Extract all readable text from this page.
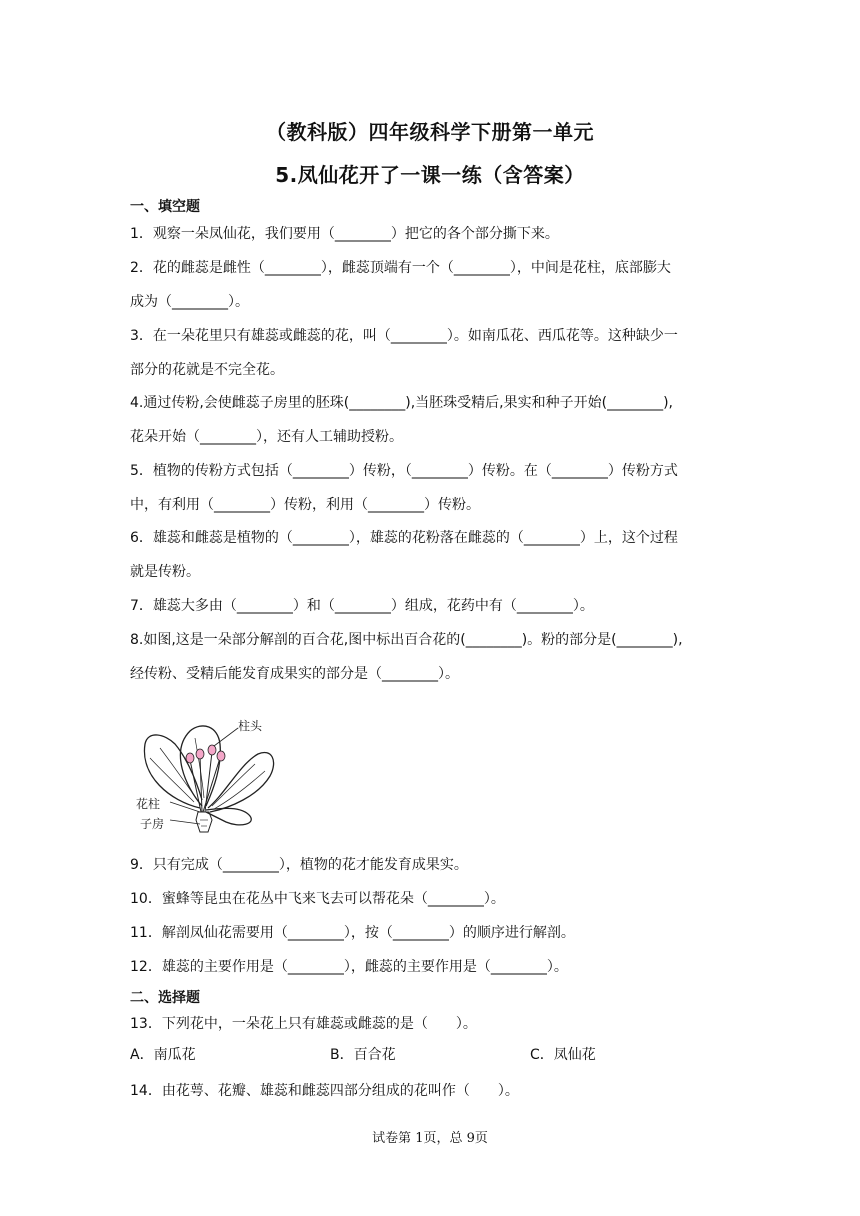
（教科版）四年级科学下册第一单元
5.凤仙花开了一课一练（含答案）
一、填空题
1．观察一朵凤仙花，我们要用（________）把它的各个部分撕下来。
2．花的雌蕊是雌性（________），雌蕊顶端有一个（________），中间是花柱，底部膨大
成为（________）。
3．在一朵花里只有雄蕊或雌蕊的花，叫（________）。如南瓜花、西瓜花等。这种缺少一
部分的花就是不完全花。
4.通过传粉,会使雌蕊子房里的胚珠(________),当胚珠受精后,果实和种子开始(________),
花朵开始（________），还有人工辅助授粉。
5．植物的传粉方式包括（________）传粉，（________）传粉。在（________）传粉方式
中，有利用（________）传粉，利用（________）传粉。
6．雄蕊和雌蕊是植物的（________），雄蕊的花粉落在雌蕊的（________）上，这个过程
就是传粉。
7．雄蕊大多由（________）和（________）组成，花药中有（________）。
8.如图,这是一朵部分解剖的百合花,图中标出百合花的(________)。粉的部分是(________),
经传粉、受精后能发育成果实的部分是（________）。
柱头
花柱
子房
9．只有完成（________），植物的花才能发育成果实。
10．蜜蜂等昆虫在花丛中飞来飞去可以帮花朵（________）。
11．解剖凤仙花需要用（________），按（________）的顺序进行解剖。
12．雄蕊的主要作用是（________），雌蕊的主要作用是（________）。
二、选择题
13．下列花中，一朵花上只有雄蕊或雌蕊的是（　　）。
A．南瓜花	B．百合花	C．凤仙花
14．由花萼、花瓣、雄蕊和雌蕊四部分组成的花叫作（　　）。
试卷第 1页，总 9页
